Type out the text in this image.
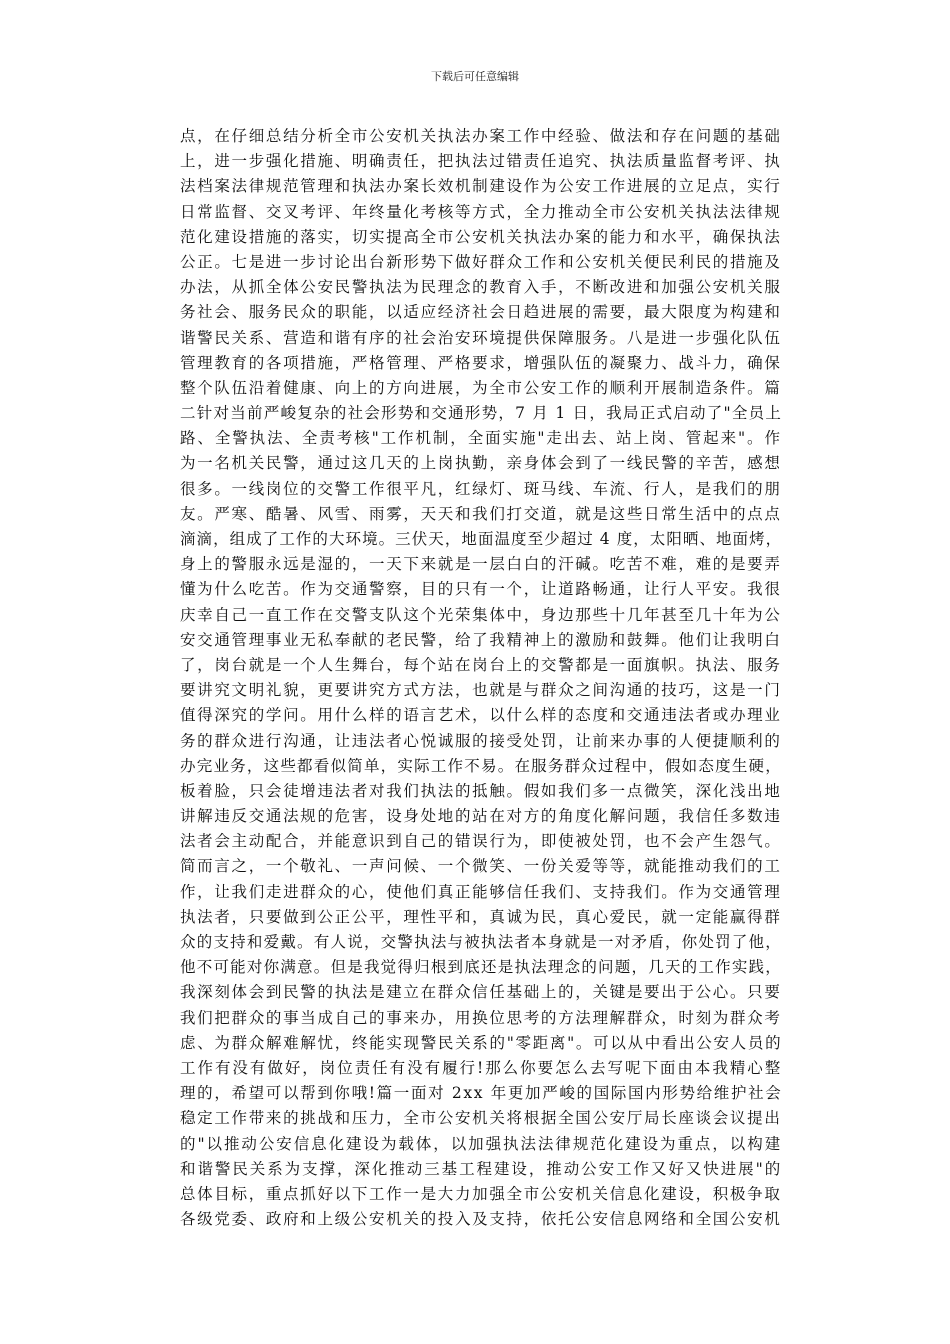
下载后可任意编辑
点，在仔细总结分析全市公安机关执法办案工作中经验、做法和存在问题的基础
上，进一步强化措施、明确责任，把执法过错责任追究、执法质量监督考评、执
法档案法律规范管理和执法办案长效机制建设作为公安工作进展的立足点，实行
日常监督、交叉考评、年终量化考核等方式，全力推动全市公安机关执法法律规
范化建设措施的落实，切实提高全市公安机关执法办案的能力和水平，确保执法
公正。七是进一步讨论出台新形势下做好群众工作和公安机关便民利民的措施及
办法，从抓全体公安民警执法为民理念的教育入手，不断改进和加强公安机关服
务社会、服务民众的职能，以适应经济社会日趋进展的需要，最大限度为构建和
谐警民关系、营造和谐有序的社会治安环境提供保障服务。八是进一步强化队伍
管理教育的各项措施，严格管理、严格要求，增强队伍的凝聚力、战斗力，确保
整个队伍沿着健康、向上的方向进展，为全市公安工作的顺利开展制造条件。篇
二针对当前严峻复杂的社会形势和交通形势，7 月 1 日，我局正式启动了"全员上
路、全警执法、全责考核"工作机制，全面实施"走出去、站上岗、管起来"。作
为一名机关民警，通过这几天的上岗执勤，亲身体会到了一线民警的辛苦，感想
很多。一线岗位的交警工作很平凡，红绿灯、斑马线、车流、行人，是我们的朋
友。严寒、酷暑、风雪、雨雾，天天和我们打交道，就是这些日常生活中的点点
滴滴，组成了工作的大环境。三伏天，地面温度至少超过 4 度，太阳晒、地面烤，
身上的警服永远是湿的，一天下来就是一层白白的汗碱。吃苦不难，难的是要弄
懂为什么吃苦。作为交通警察，目的只有一个，让道路畅通，让行人平安。我很
庆幸自己一直工作在交警支队这个光荣集体中，身边那些十几年甚至几十年为公
安交通管理事业无私奉献的老民警，给了我精神上的激励和鼓舞。他们让我明白
了，岗台就是一个人生舞台，每个站在岗台上的交警都是一面旗帜。执法、服务
要讲究文明礼貌，更要讲究方式方法，也就是与群众之间沟通的技巧，这是一门
值得深究的学问。用什么样的语言艺术，以什么样的态度和交通违法者或办理业
务的群众进行沟通，让违法者心悦诚服的接受处罚，让前来办事的人便捷顺利的
办完业务，这些都看似简单，实际工作不易。在服务群众过程中，假如态度生硬，
板着脸，只会徒增违法者对我们执法的抵触。假如我们多一点微笑，深化浅出地
讲解违反交通法规的危害，设身处地的站在对方的角度化解问题，我信任多数违
法者会主动配合，并能意识到自己的错误行为，即使被处罚，也不会产生怨气。
简而言之，一个敬礼、一声问候、一个微笑、一份关爱等等，就能推动我们的工
作，让我们走进群众的心，使他们真正能够信任我们、支持我们。作为交通管理
执法者，只要做到公正公平，理性平和，真诚为民，真心爱民，就一定能赢得群
众的支持和爱戴。有人说，交警执法与被执法者本身就是一对矛盾，你处罚了他，
他不可能对你满意。但是我觉得归根到底还是执法理念的问题，几天的工作实践，
我深刻体会到民警的执法是建立在群众信任基础上的，关键是要出于公心。只要
我们把群众的事当成自己的事来办，用换位思考的方法理解群众，时刻为群众考
虑、为群众解难解忧，终能实现警民关系的"零距离"。可以从中看出公安人员的
工作有没有做好，岗位责任有没有履行!那么你要怎么去写呢下面由本我精心整
理的，希望可以帮到你哦!篇一面对 2xx 年更加严峻的国际国内形势给维护社会
稳定工作带来的挑战和压力，全市公安机关将根据全国公安厅局长座谈会议提出
的"以推动公安信息化建设为载体，以加强执法法律规范化建设为重点，以构建
和谐警民关系为支撑，深化推动三基工程建设，推动公安工作又好又快进展"的
总体目标，重点抓好以下工作一是大力加强全市公安机关信息化建设，积极争取
各级党委、政府和上级公安机关的投入及支持，依托公安信息网络和全国公安机
